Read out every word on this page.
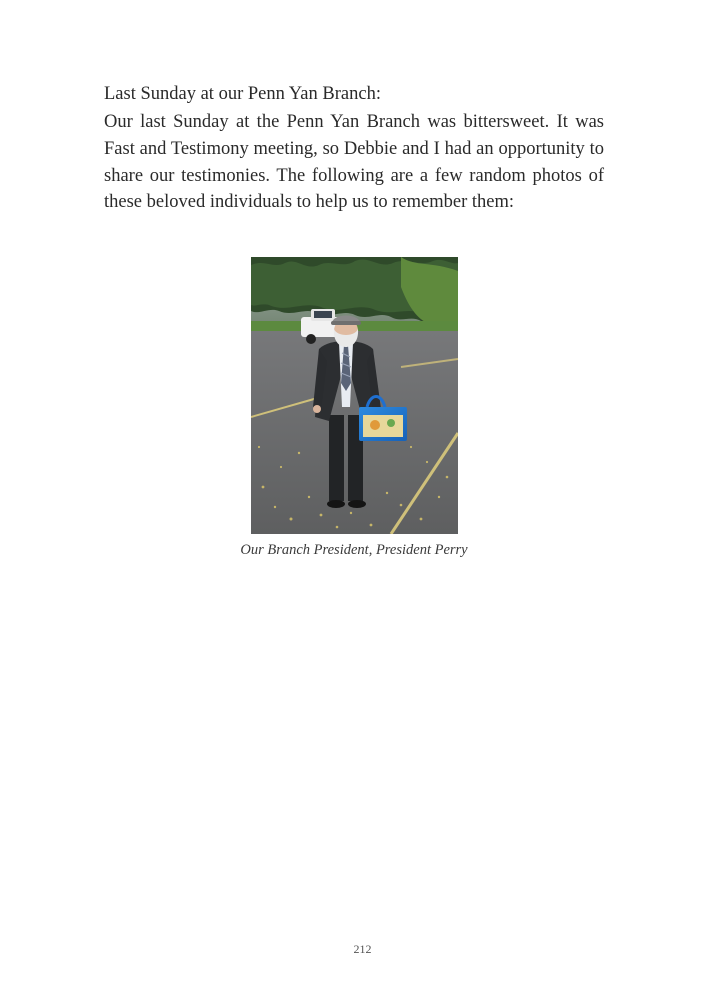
Last Sunday at our Penn Yan Branch:

Our last Sunday at the Penn Yan Branch was bittersweet. It was Fast and Testimony meeting, so Debbie and I had an opportunity to share our testimonies. The following are a few random photos of these beloved individuals to help us to remember them:

Our Branch President, President Perry

212
